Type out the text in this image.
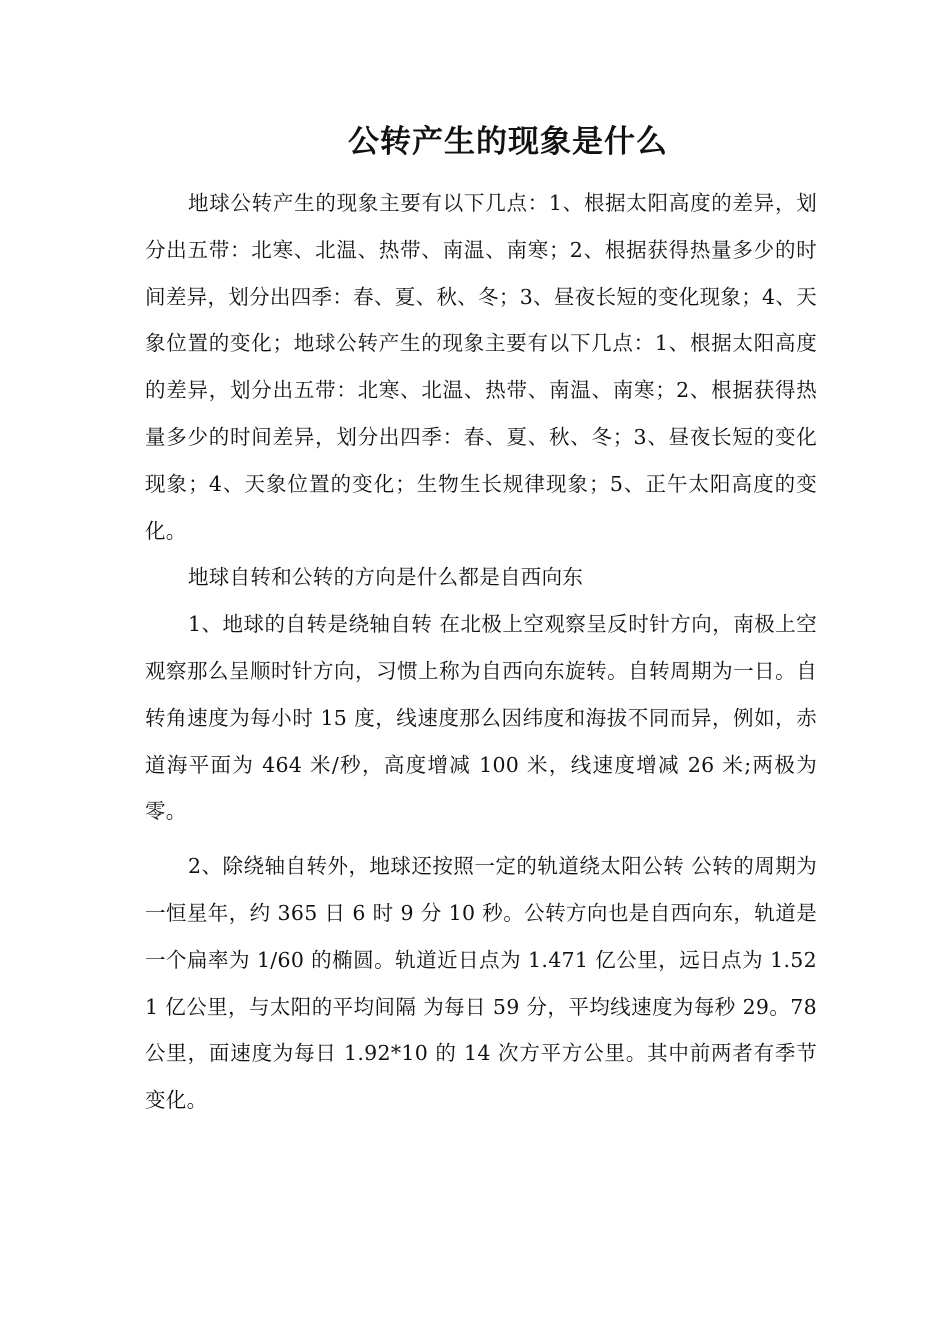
公转产生的现象是什么

地球公转产生的现象主要有以下几点：1、根据太阳高度的差异，划分出五带：北寒、北温、热带、南温、南寒；2、根据获得热量多少的时间差异，划分出四季：春、夏、秋、冬；3、昼夜长短的变化现象；4、天象位置的变化；地球公转产生的现象主要有以下几点：1、根据太阳高度的差异，划分出五带：北寒、北温、热带、南温、南寒；2、根据获得热量多少的时间差异，划分出四季：春、夏、秋、冬；3、昼夜长短的变化现象；4、天象位置的变化；生物生长规律现象；5、正午太阳高度的变化。

地球自转和公转的方向是什么都是自西向东

1、地球的自转是绕轴自转 在北极上空观察呈反时针方向，南极上空观察那么呈顺时针方向，习惯上称为自西向东旋转。自转周期为一日。自转角速度为每小时 15 度，线速度那么因纬度和海拔不同而异，例如，赤道海平面为 464 米/秒，高度增减 100 米，线速度增减 26 米;两极为零。

2、除绕轴自转外，地球还按照一定的轨道绕太阳公转 公转的周期为一恒星年，约 365 日 6 时 9 分 10 秒。公转方向也是自西向东，轨道是一个扁率为 1/60 的椭圆。轨道近日点为 1.471 亿公里，远日点为 1.521 亿公里，与太阳的平均间隔 为每日 59 分，平均线速度为每秒 29。78 公里，面速度为每日 1.92*10 的 14 次方平方公里。其中前两者有季节变化。
